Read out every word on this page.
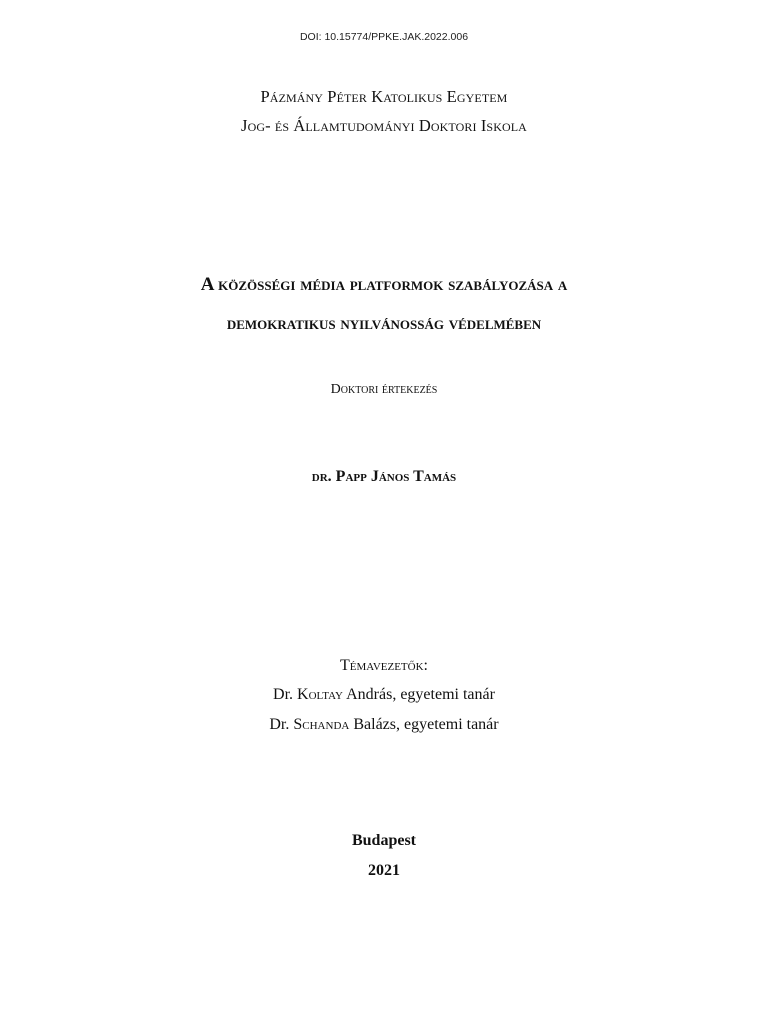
DOI: 10.15774/PPKE.JAK.2022.006
Pázmány Péter Katolikus Egyetem
Jog- és Államtudományi Doktori Iskola
A közösségi média platformok szabályozása a
demokratikus nyilvánosság védelmében
Doktori értekezés
dr. Papp János Tamás
Témavezetők:
Dr. Koltay András, egyetemi tanár
Dr. Schanda Balázs, egyetemi tanár
Budapest
2021
